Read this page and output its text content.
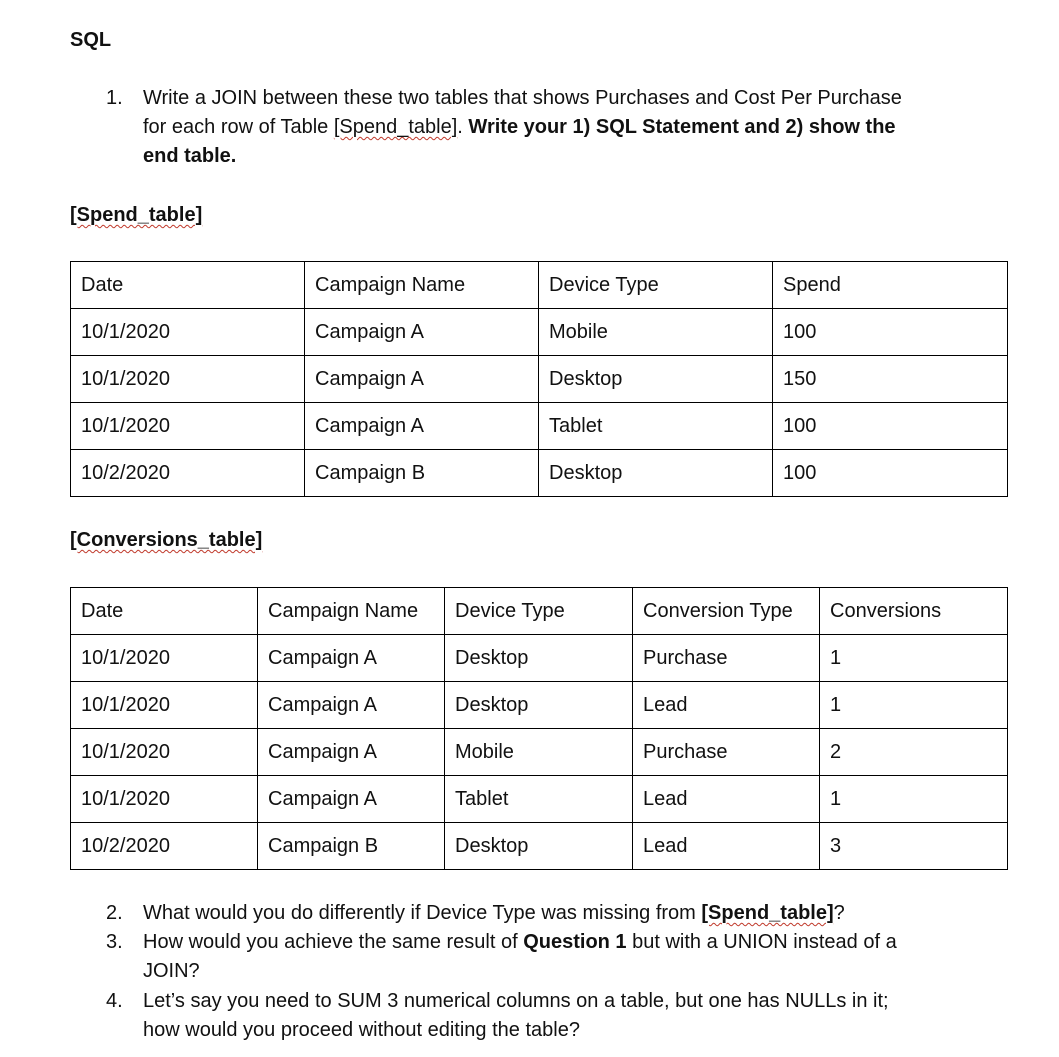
SQL
1.	Write a JOIN between these two tables that shows Purchases and Cost Per Purchase
for each row of Table [Spend_table]. Write your 1) SQL Statement and 2) show the
end table.
[Spend_table]
Date	Campaign Name	Device Type	Spend
10/1/2020	Campaign A	Mobile	100
10/1/2020	Campaign A	Desktop	150
10/1/2020	Campaign A	Tablet	100
10/2/2020	Campaign B	Desktop	100
[Conversions_table]
Date	Campaign Name	Device Type	Conversion Type	Conversions
10/1/2020	Campaign A	Desktop	Purchase	1
10/1/2020	Campaign A	Desktop	Lead	1
10/1/2020	Campaign A	Mobile	Purchase	2
10/1/2020	Campaign A	Tablet	Lead	1
10/2/2020	Campaign B	Desktop	Lead	3
2.	What would you do differently if Device Type was missing from [Spend_table]?
3.	How would you achieve the same result of Question 1 but with a UNION instead of a
JOIN?
4.	Let’s say you need to SUM 3 numerical columns on a table, but one has NULLs in it;
how would you proceed without editing the table?
